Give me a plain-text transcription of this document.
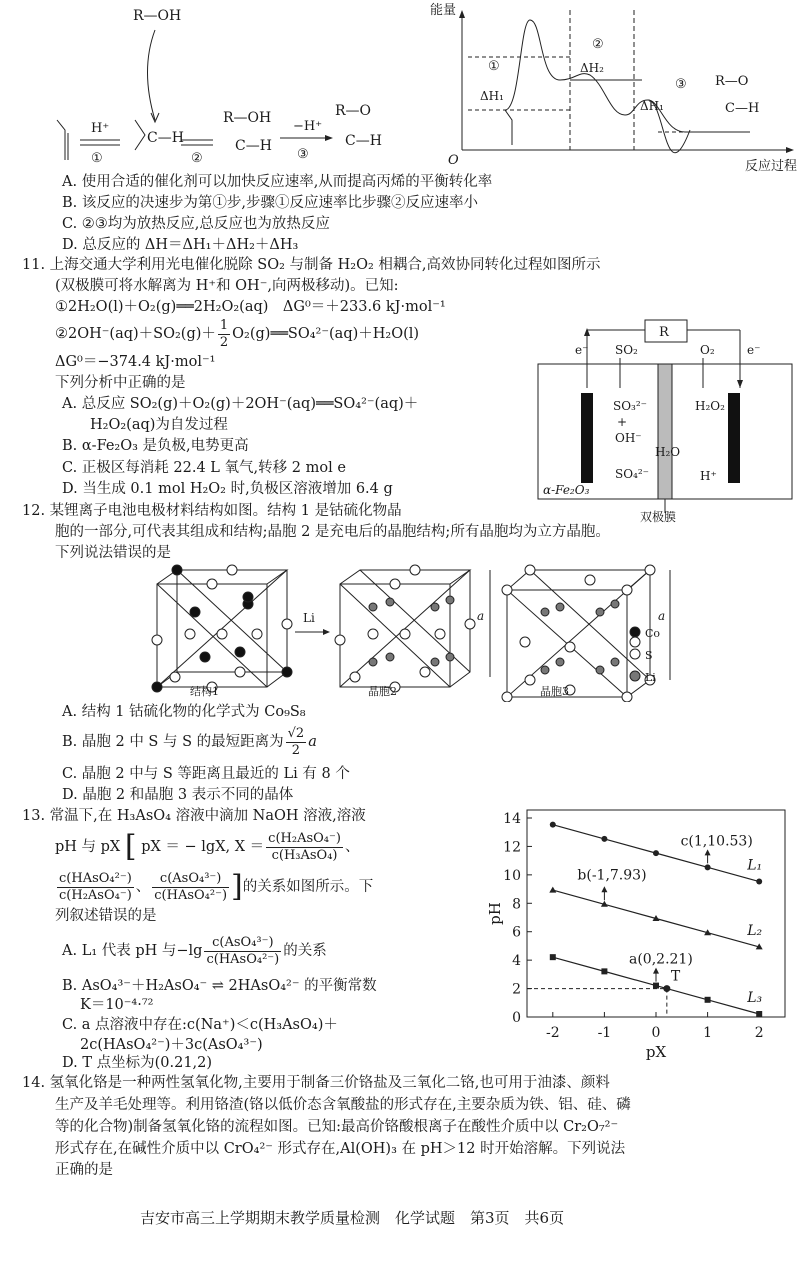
R—OH
H⁺
①
C—H
②
R—OH
C—H
−H⁺
③
R—O
C—H
能量
O	反应过程
①
ΔH₁
②
ΔH₂
③
ΔH₁
R—O
C—H
A. 使用合适的催化剂可以加快反应速率,从而提高丙烯的平衡转化率
B. 该反应的决速步为第①步,步骤①反应速率比步骤②反应速率小
C. ②③均为放热反应,总反应也为放热反应
D. 总反应的 ΔH＝ΔH₁＋ΔH₂＋ΔH₃
11. 上海交通大学利用光电催化脱除 SO₂ 与制备 H₂O₂ 相耦合,高效协同转化过程如图所示
(双极膜可将水解离为 H⁺和 OH⁻,向两极移动)。已知:
①2H₂O(l)＋O₂(g)══2H₂O₂(aq)　ΔG⁰＝＋233.6 kJ·mol⁻¹
②2OH⁻(aq)＋SO₂(g)＋ $\frac{1}{2}$ O₂(g)══SO₄²⁻(aq)＋H₂O(l)
ΔG⁰＝−374.4 kJ·mol⁻¹
下列分析中正确的是
A. 总反应 SO₂(g)＋O₂(g)＋2OH⁻(aq)══SO₄²⁻(aq)＋
H₂O₂(aq)为自发过程
B. α-Fe₂O₃ 是负极,电势更高
C. 正极区每消耗 22.4 L 氧气,转移 2 mol e
D. 当生成 0.1 mol H₂O₂ 时,负极区溶液增加 6.4 g
R
e⁻	e⁻
SO₂	O₂
SO₃²⁻
+
OH⁻
H₂O
SO₄²⁻
H₂O₂
H⁺
α-Fe₂O₃
双极膜
12. 某锂离子电池电极材料结构如图。结构 1 是钴硫化物晶
胞的一部分,可代表其组成和结构;晶胞 2 是充电后的晶胞结构;所有晶胞均为立方晶胞。
下列说法错误的是
Li	a	a
Co
S
Li
结构1	晶胞2	晶胞3
A. 结构 1 钴硫化物的化学式为 Co₉S₈
B. 晶胞 2 中 S 与 S 的最短距离为 $\frac{√2}{2}$ a
C. 晶胞 2 中与 S 等距离且最近的 Li 有 8 个
D. 晶胞 2 和晶胞 3 表示不同的晶体
13. 常温下,在 H₃AsO₄ 溶液中滴加 NaOH 溶液,溶液
pH 与 pX [ pX ＝ − lgX, $X = \frac{\text{c(H₂AsO₄⁻)}}{\text{c(H₃AsO₄)}}$ 、
$\frac{\text{c(HAsO₄²⁻)}}{\text{c(H₂AsO₄⁻)}}$ 、 $\frac{\text{c(AsO₄³⁻)}}{\text{c(HAsO₄²⁻)}}$ ]的关系如图所示。下
列叙述错误的是
A. L₁ 代表 pH 与$-\lg \frac{\text{c(AsO₄³⁻)}}{\text{c(HAsO₄²⁻)}}$ 的关系
B. AsO₄³⁻＋H₂AsO₄⁻ ⇌ 2HAsO₄²⁻ 的平衡常数
K＝10⁻⁴·⁷²
C. a 点溶液中存在:c(Na⁺)＜c(H₃AsO₄)＋
2c(HAsO₄²⁻)＋3c(AsO₄³⁻)
D. T 点坐标为(0.21,2)
0
2
4
6
8
10
12
14
-2	-1	0	1	2
pX
pH
L₁
L₂
L₃
c(1,10.53)
b(-1,7.93)
a(0,2.21)
T
14. 氢氧化铬是一种两性氢氧化物,主要用于制备三价铬盐及三氧化二铬,也可用于油漆、颜料
生产及羊毛处理等。利用铬渣(铬以低价态含氧酸盐的形式存在,主要杂质为铁、铝、硅、磷
等的化合物)制备氢氧化铬的流程如图。已知:最高价铬酸根离子在酸性介质中以 Cr₂O₇²⁻
形式存在,在碱性介质中以 CrO₄²⁻ 形式存在,Al(OH)₃ 在 pH＞12 时开始溶解。下列说法
正确的是
吉安市高三上学期期末教学质量检测　化学试题　第3页　共6页
